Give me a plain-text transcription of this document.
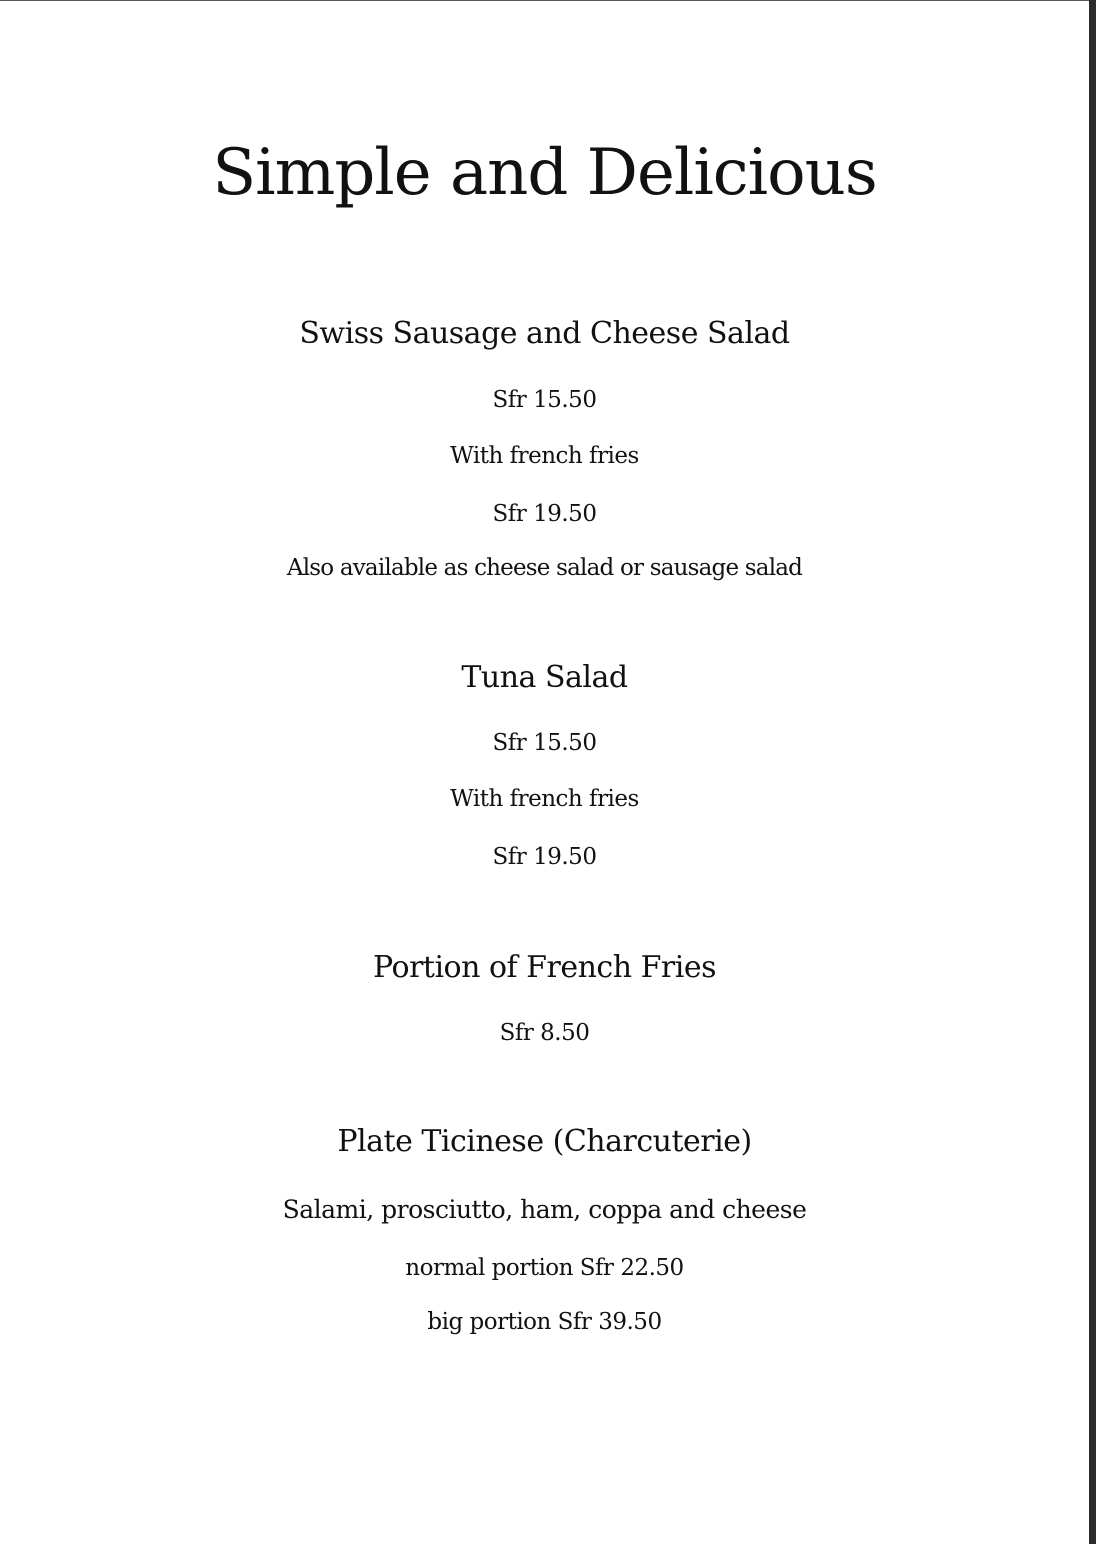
Simple and Delicious
Swiss Sausage and Cheese Salad
Sfr 15.50
With french fries
Sfr 19.50
Also available as cheese salad or sausage salad
Tuna Salad
Sfr 15.50
With french fries
Sfr 19.50
Portion of French Fries
Sfr 8.50
Plate Ticinese (Charcuterie)
Salami, prosciutto, ham, coppa and cheese
normal portion Sfr 22.50
big portion Sfr 39.50
